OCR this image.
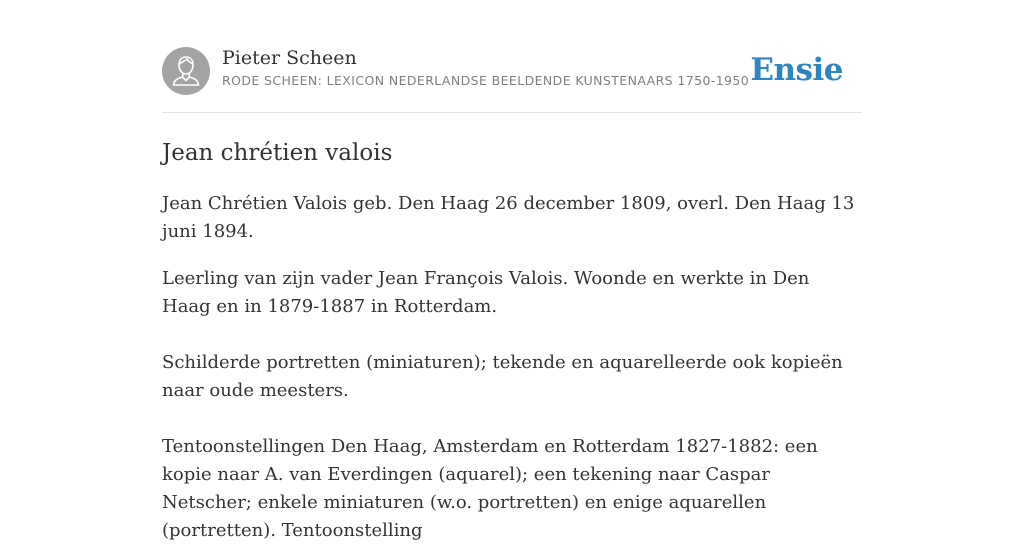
Pieter Scheen
RODE SCHEEN: LEXICON NEDERLANDSE BEELDENDE KUNSTENAARS 1750-1950 Ensie
Jean chrétien valois

Jean Chrétien Valois geb. Den Haag 26 december 1809, overl. Den Haag 13 juni 1894.

Leerling van zijn vader Jean François Valois. Woonde en werkte in Den Haag en in 1879-1887 in Rotterdam.

Schilderde portretten (miniaturen); tekende en aquarelleerde ook kopieën naar oude meesters.

Tentoonstellingen Den Haag, Amsterdam en Rotterdam 1827-1882: een kopie naar A. van Everdingen (aquarel); een tekening naar Caspar Netscher; enkele miniaturen (w.o. portretten) en enige aquarellen (portretten). Tentoonstelling
